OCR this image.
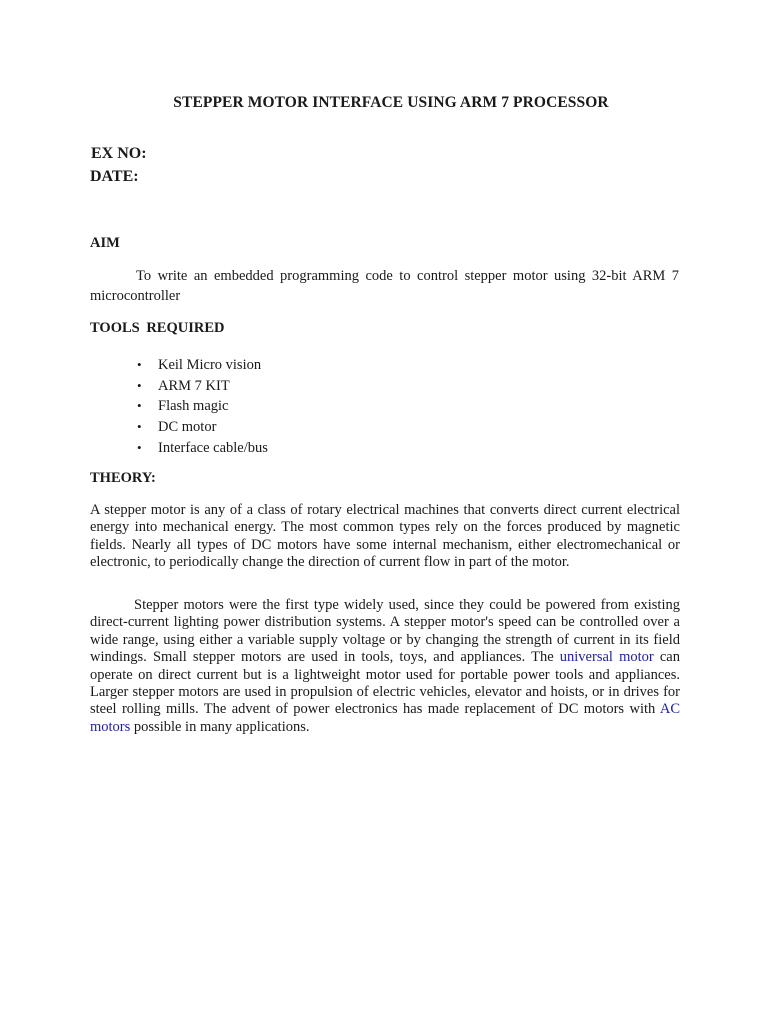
STEPPER MOTOR INTERFACE USING ARM 7 PROCESSOR
EX NO:
DATE:
AIM
To write an embedded programming code to control stepper motor using 32-bit ARM 7 microcontroller
TOOLS REQUIRED
• Keil Micro vision
• ARM 7 KIT
• Flash magic
• DC motor
• Interface cable/bus
THEORY:
A stepper motor is any of a class of rotary electrical machines that converts direct current electrical energy into mechanical energy. The most common types rely on the forces produced by magnetic fields. Nearly all types of DC motors have some internal mechanism, either electromechanical or electronic, to periodically change the direction of current flow in part of the motor.
Stepper motors were the first type widely used, since they could be powered from existing direct-current lighting power distribution systems. A stepper motor's speed can be controlled over a wide range, using either a variable supply voltage or by changing the strength of current in its field windings. Small stepper motors are used in tools, toys, and appliances. The universal motor can operate on direct current but is a lightweight motor used for portable power tools and appliances. Larger stepper motors are used in propulsion of electric vehicles, elevator and hoists, or in drives for steel rolling mills. The advent of power electronics has made replacement of DC motors with AC motors possible in many applications.
